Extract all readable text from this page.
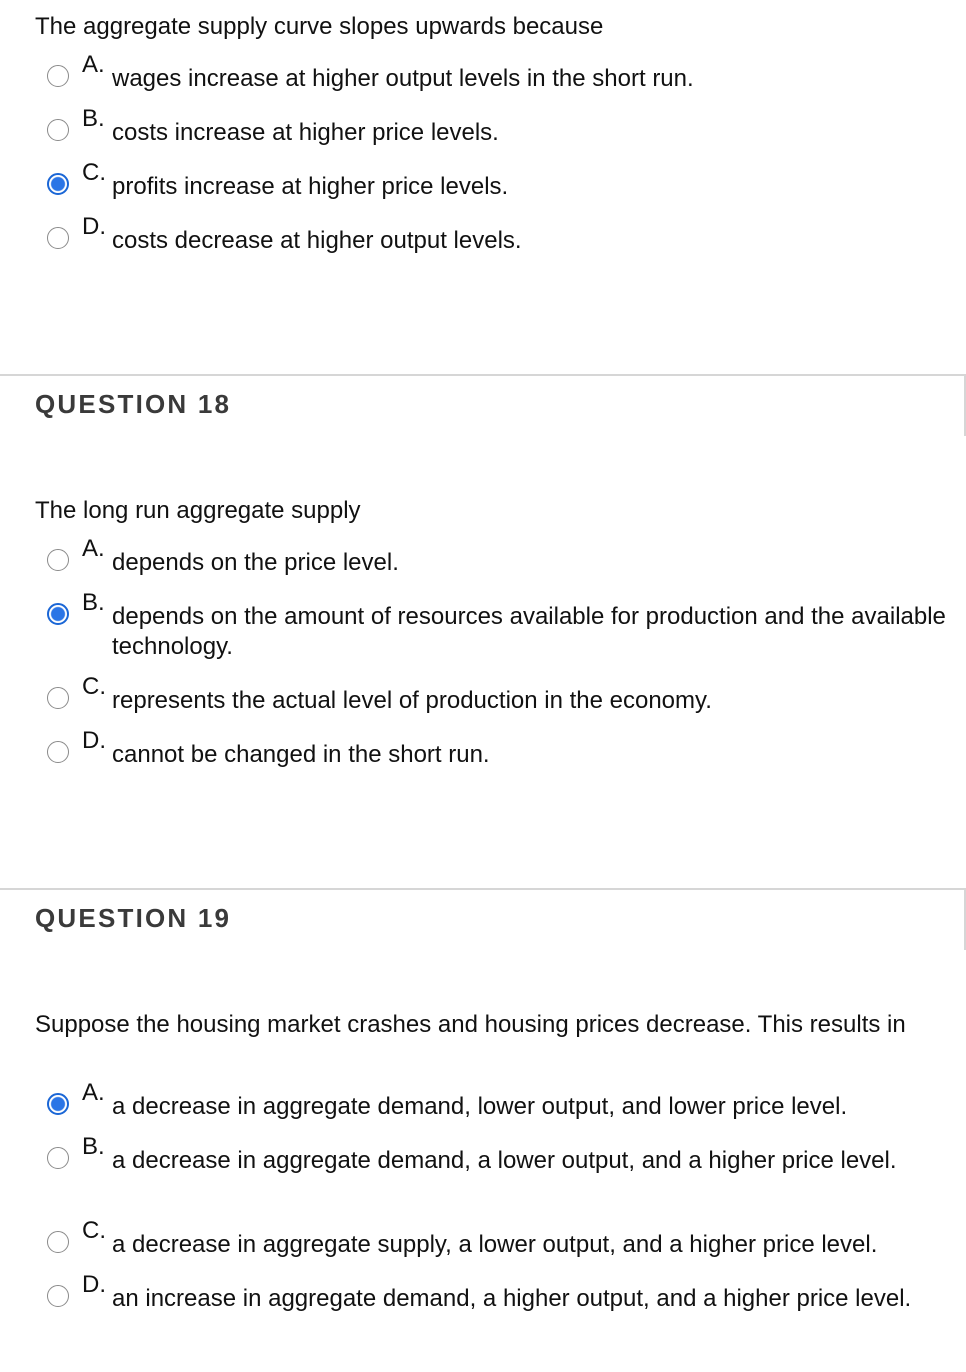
The aggregate supply curve slopes upwards because
A.
wages increase at higher output levels in the short run.
B.
costs increase at higher price levels.
C.
profits increase at higher price levels.
D.
costs decrease at higher output levels.
QUESTION 18
The long run aggregate supply
A.
depends on the price level.
B.
depends on the amount of resources available for production and the available technology.
C.
represents the actual level of production in the economy.
D.
cannot be changed in the short run.
QUESTION 19
Suppose the housing market crashes and housing prices decrease. This results in
A.
a decrease in aggregate demand, lower output, and lower price level.
B.
a decrease in aggregate demand, a lower output, and a higher price level.
C.
a decrease in aggregate supply, a lower output, and a higher price level.
D.
an increase in aggregate demand, a higher output, and a higher price level.
